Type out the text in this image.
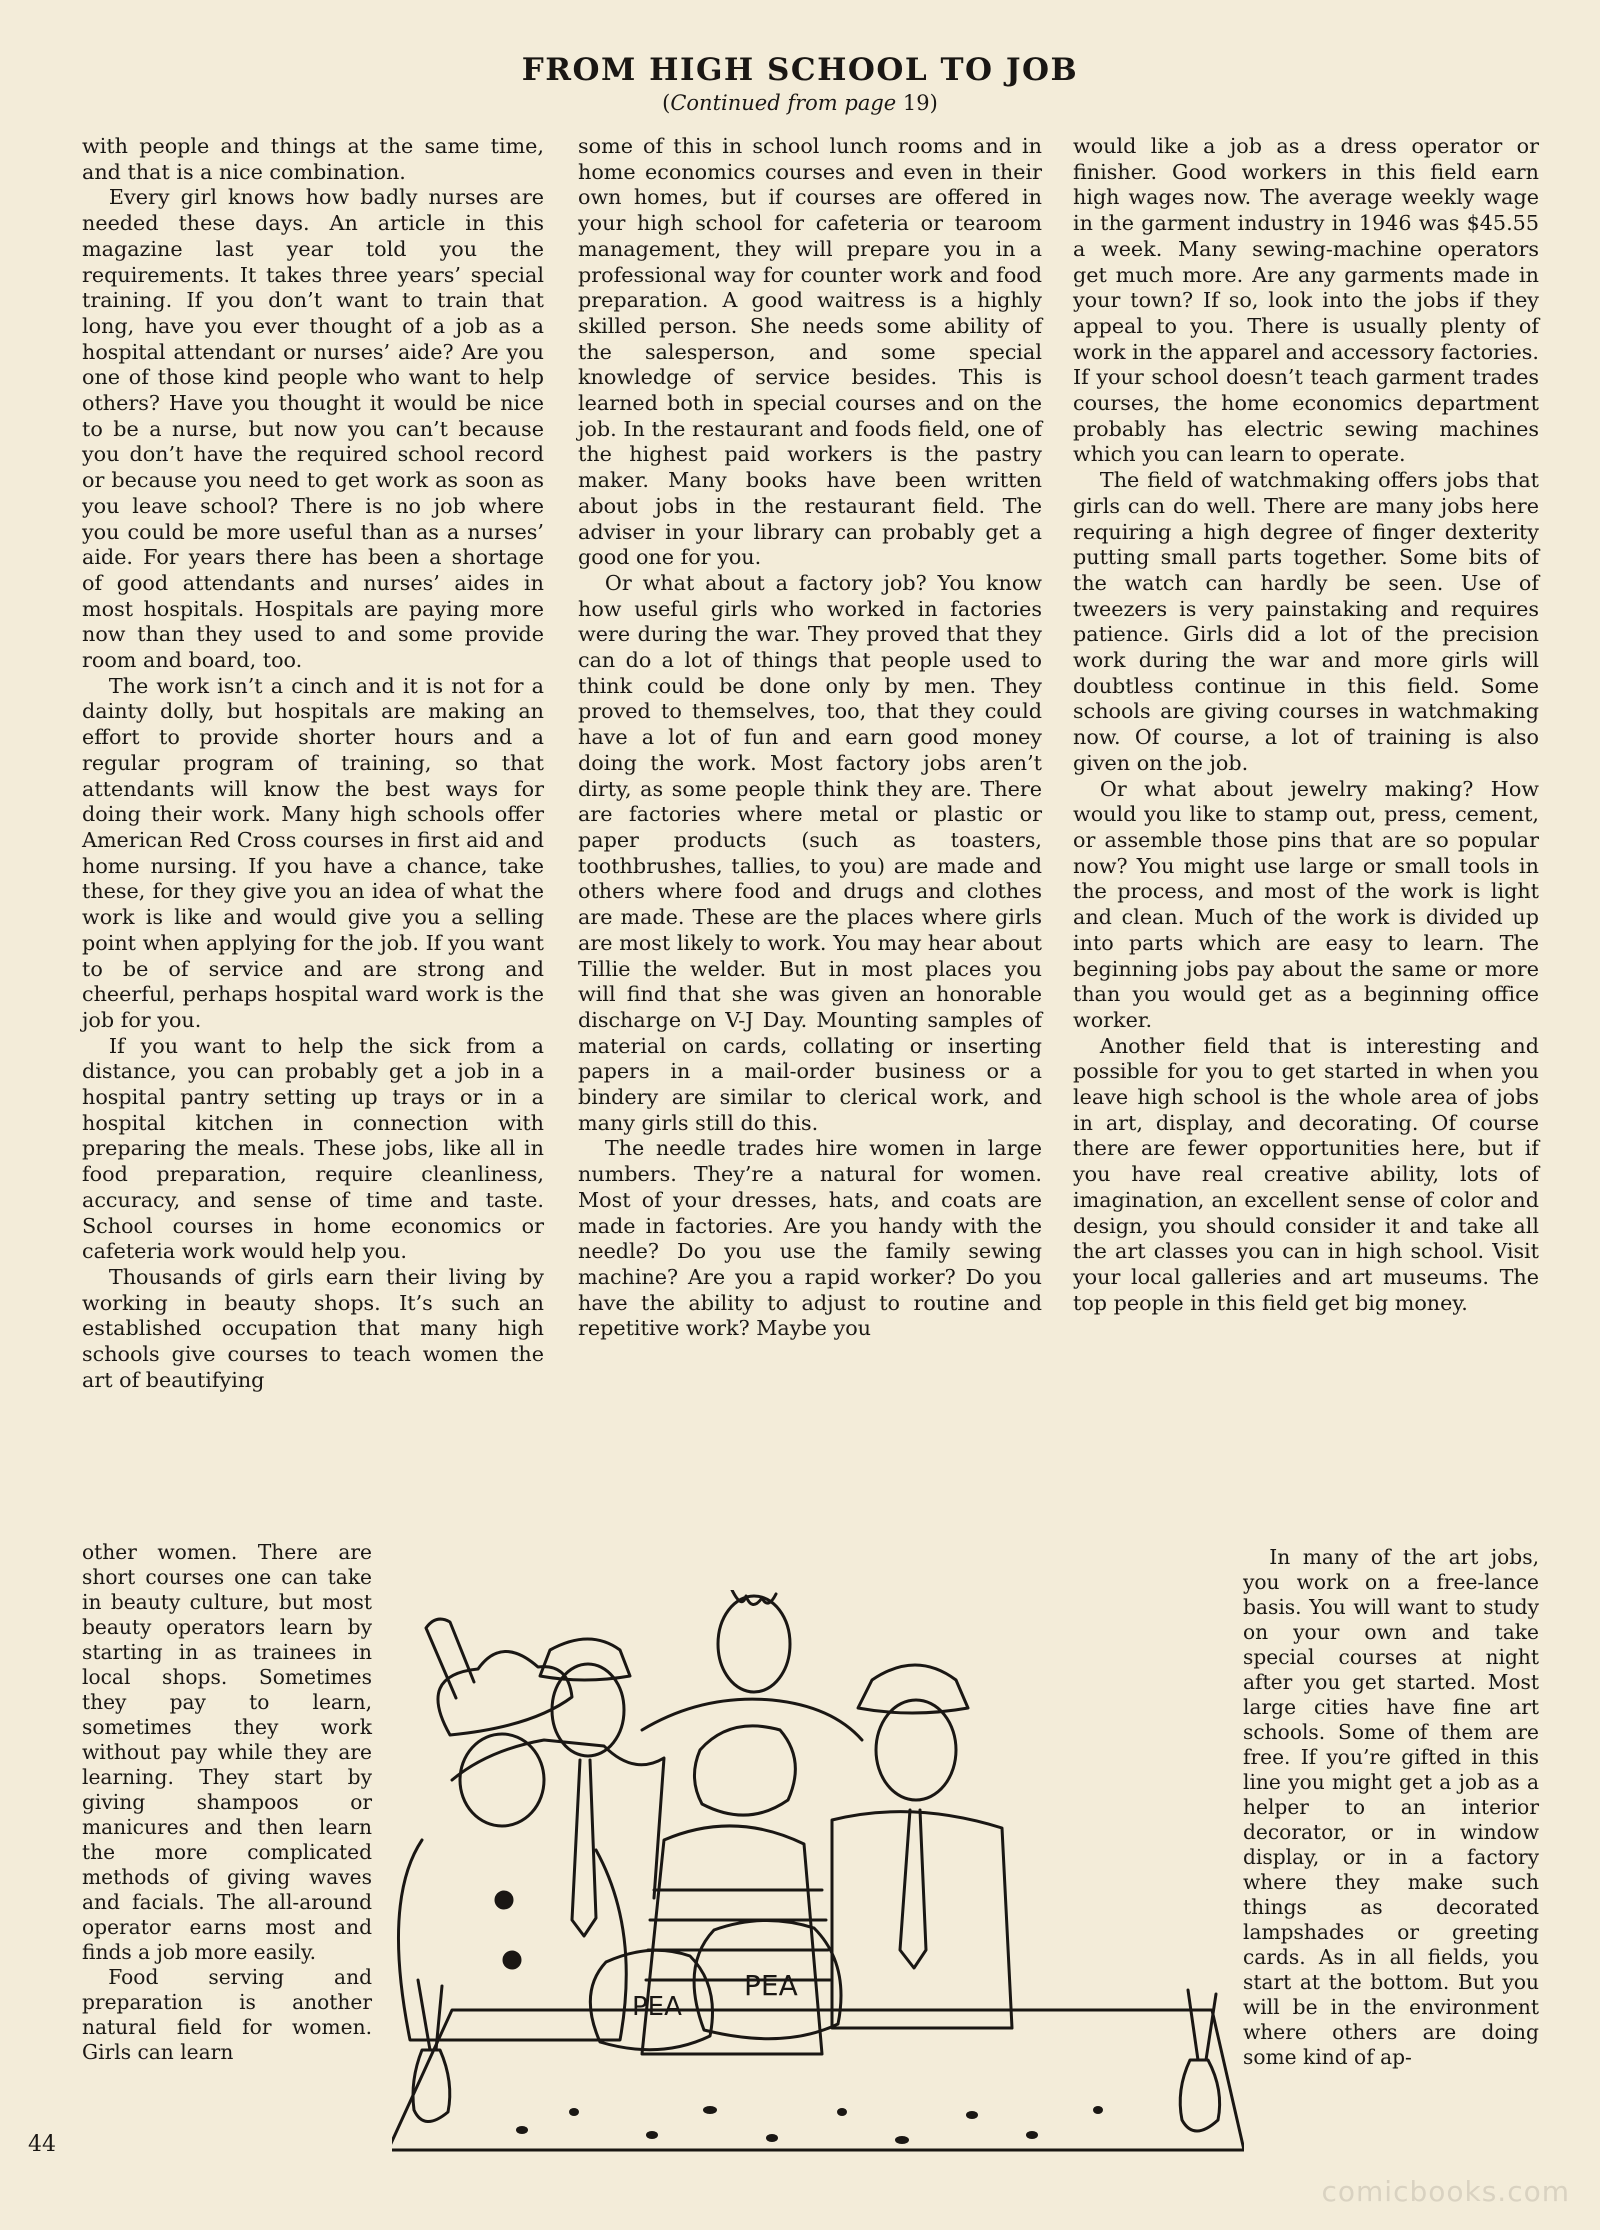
FROM HIGH SCHOOL TO JOB
(Continued from page 19)

with people and things at the same time, and that is a nice combination.

Every girl knows how badly nurses are needed these days. An article in this magazine last year told you the requirements. It takes three years’ special training. If you don’t want to train that long, have you ever thought of a job as a hospital attendant or nurses’ aide? Are you one of those kind people who want to help others? Have you thought it would be nice to be a nurse, but now you can’t because you don’t have the required school record or because you need to get work as soon as you leave school? There is no job where you could be more useful than as a nurses’ aide. For years there has been a shortage of good attendants and nurses’ aides in most hospitals. Hospitals are paying more now than they used to and some provide room and board, too.

The work isn’t a cinch and it is not for a dainty dolly, but hospitals are making an effort to provide shorter hours and a regular program of training, so that attendants will know the best ways for doing their work. Many high schools offer American Red Cross courses in first aid and home nursing. If you have a chance, take these, for they give you an idea of what the work is like and would give you a selling point when applying for the job. If you want to be of service and are strong and cheerful, perhaps hospital ward work is the job for you.

If you want to help the sick from a distance, you can probably get a job in a hospital pantry setting up trays or in a hospital kitchen in connection with preparing the meals. These jobs, like all in food preparation, require cleanliness, accuracy, and sense of time and taste. School courses in home economics or cafeteria work would help you.

Thousands of girls earn their living by working in beauty shops. It’s such an established occupation that many high schools give courses to teach women the art of beautifying

other women. There are short courses one can take in beauty culture, but most beauty operators learn by starting in as trainees in local shops. Sometimes they pay to learn, sometimes they work without pay while they are learning. They start by giving shampoos or manicures and then learn the more complicated methods of giving waves and facials. The all-around operator earns most and finds a job more easily.

Food serving and preparation is another natural field for women. Girls can learn

some of this in school lunch rooms and in home economics courses and even in their own homes, but if courses are offered in your high school for cafeteria or tearoom management, they will prepare you in a professional way for counter work and food preparation. A good waitress is a highly skilled person. She needs some ability of the salesperson, and some special knowledge of service besides. This is learned both in special courses and on the job. In the restaurant and foods field, one of the highest paid workers is the pastry maker. Many books have been written about jobs in the restaurant field. The adviser in your library can probably get a good one for you.

Or what about a factory job? You know how useful girls who worked in factories were during the war. They proved that they can do a lot of things that people used to think could be done only by men. They proved to themselves, too, that they could have a lot of fun and earn good money doing the work. Most factory jobs aren’t dirty, as some people think they are. There are factories where metal or plastic or paper products (such as toasters, toothbrushes, tallies, to you) are made and others where food and drugs and clothes are made. These are the places where girls are most likely to work. You may hear about Tillie the welder. But in most places you will find that she was given an honorable discharge on V-J Day. Mounting samples of material on cards, collating or inserting papers in a mail-order business or a bindery are similar to clerical work, and many girls still do this.

The needle trades hire women in large numbers. They’re a natural for women. Most of your dresses, hats, and coats are made in factories. Are you handy with the needle? Do you use the family sewing machine? Are you a rapid worker? Do you have the ability to adjust to routine and repetitive work? Maybe you

would like a job as a dress operator or finisher. Good workers in this field earn high wages now. The average weekly wage in the garment industry in 1946 was $45.55 a week. Many sewing-machine operators get much more. Are any garments made in your town? If so, look into the jobs if they appeal to you. There is usually plenty of work in the apparel and accessory factories. If your school doesn’t teach garment trades courses, the home economics department probably has electric sewing machines which you can learn to operate.

The field of watchmaking offers jobs that girls can do well. There are many jobs here requiring a high degree of finger dexterity putting small parts together. Some bits of the watch can hardly be seen. Use of tweezers is very painstaking and requires patience. Girls did a lot of the precision work during the war and more girls will doubtless continue in this field. Some schools are giving courses in watchmaking now. Of course, a lot of training is also given on the job.

Or what about jewelry making? How would you like to stamp out, press, cement, or assemble those pins that are so popular now? You might use large or small tools in the process, and most of the work is light and clean. Much of the work is divided up into parts which are easy to learn. The beginning jobs pay about the same or more than you would get as a beginning office worker.

Another field that is interesting and possible for you to get started in when you leave high school is the whole area of jobs in art, display, and decorating. Of course there are fewer opportunities here, but if you have real creative ability, lots of imagination, an excellent sense of color and design, you should consider it and take all the art classes you can in high school. Visit your local galleries and art museums. The top people in this field get big money.

In many of the art jobs, you work on a free-lance basis. You will want to study on your own and take special courses at night after you get started. Most large cities have fine art schools. Some of them are free. If you’re gifted in this line you might get a job as a helper to an interior decorator, or in window display, or in a factory where they make such things as decorated lampshades or greeting cards. As in all fields, you start at the bottom. But you will be in the environment where others are doing some kind of ap-

PEA
PEA
44
comicbooks.com
